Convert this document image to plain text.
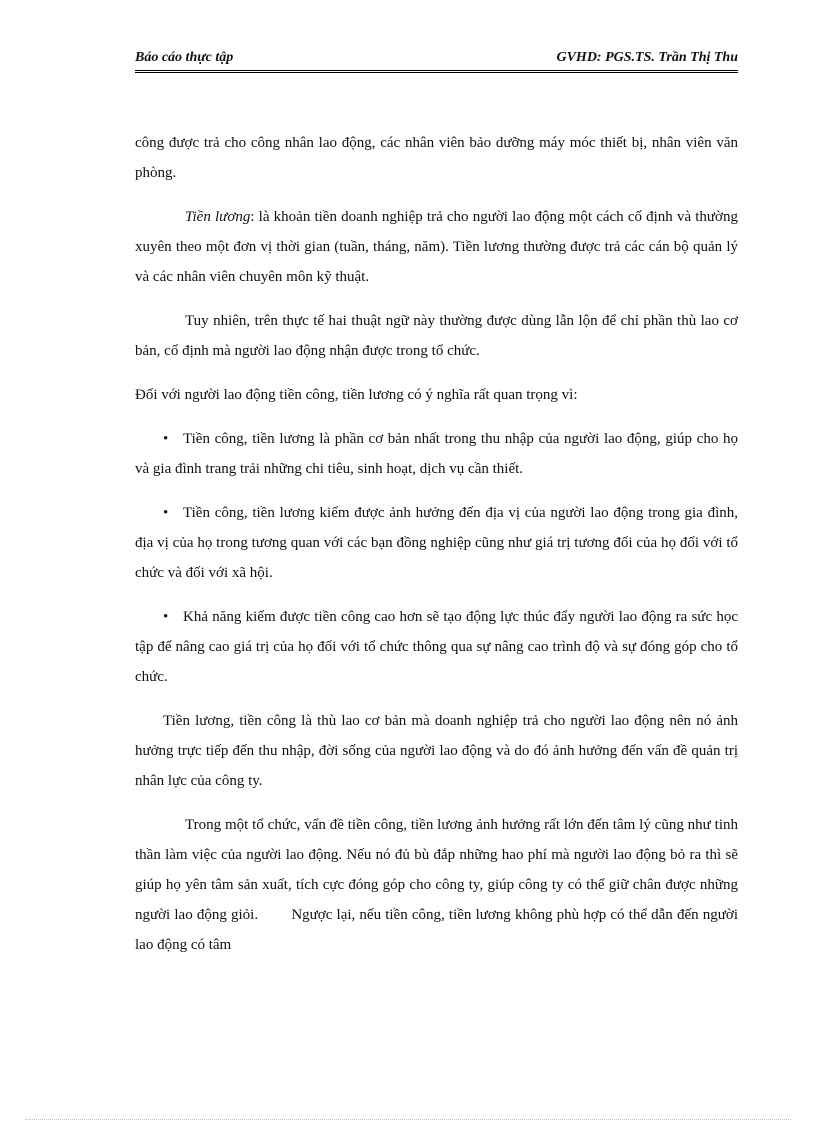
Báo cáo thực tập	GVHD: PGS.TS. Trần Thị Thu

công được trả cho công nhân lao động, các nhân viên bảo dưỡng máy móc thiết bị, nhân viên văn phòng.

Tiền lương: là khoản tiền doanh nghiệp trả cho người lao động một cách cố định và thường xuyên theo một đơn vị thời gian (tuần, tháng, năm). Tiền lương thường được trả các cán bộ quản lý và các nhân viên chuyên môn kỹ thuật.

Tuy nhiên, trên thực tế hai thuật ngữ này thường được dùng lẫn lộn để chỉ phần thù lao cơ bản, cố định mà người lao động nhận được trong tổ chức.

Đối với người lao động tiền công, tiền lương có ý nghĩa rất quan trọng vì:

• Tiền công, tiền lương là phần cơ bản nhất trong thu nhập của người lao động, giúp cho họ và gia đình trang trải những chi tiêu, sinh hoạt, dịch vụ cần thiết.

• Tiền công, tiền lương kiếm được ảnh hưởng đến địa vị của người lao động trong gia đình, địa vị của họ trong tương quan với các bạn đồng nghiệp cũng như giá trị tương đối của họ đối với tổ chức và đối với xã hội.

• Khả năng kiếm được tiền công cao hơn sẽ tạo động lực thúc đẩy người lao động ra sức học tập để nâng cao giá trị của họ đối với tổ chức thông qua sự nâng cao trình độ và sự đóng góp cho tổ chức.

Tiền lương, tiền công là thù lao cơ bản mà doanh nghiệp trả cho người lao động nên nó ảnh hưởng trực tiếp đến thu nhập, đời sống của người lao động và do đó ảnh hưởng đến vấn đề quản trị nhân lực của công ty.

Trong một tổ chức, vấn đề tiền công, tiền lương ảnh hưởng rất lớn đến tâm lý cũng như tinh thần làm việc của người lao động. Nếu nó đủ bù đắp những hao phí mà người lao động bỏ ra thì sẽ giúp họ yên tâm sản xuất, tích cực đóng góp cho công ty, giúp công ty có thể giữ chân được những người lao động giỏi.        Ngược lại, nếu tiền công, tiền lương không phù hợp có thể dẫn đến người lao động có tâm
